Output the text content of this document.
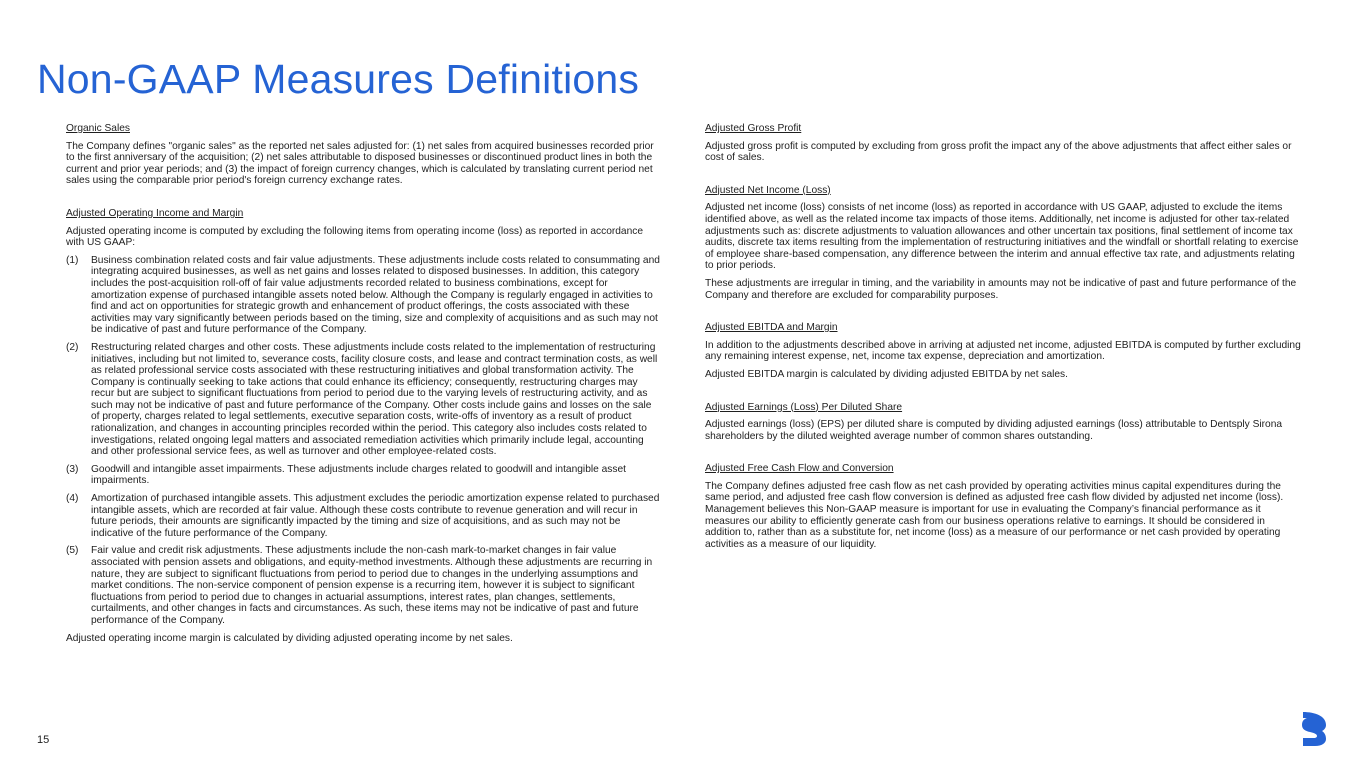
Non-GAAP Measures Definitions
Organic Sales

The Company defines "organic sales" as the reported net sales adjusted for: (1) net sales from acquired businesses recorded prior to the first anniversary of the acquisition; (2) net sales attributable to disposed businesses or discontinued product lines in both the current and prior year periods; and (3) the impact of foreign currency changes, which is calculated by translating current period net sales using the comparable prior period's foreign currency exchange rates.

Adjusted Operating Income and Margin

Adjusted operating income is computed by excluding the following items from operating income (loss) as reported in accordance with US GAAP:

(1)	Business combination related costs and fair value adjustments. These adjustments include costs related to consummating and integrating acquired businesses, as well as net gains and losses related to disposed businesses. In addition, this category includes the post-acquisition roll-off of fair value adjustments recorded related to business combinations, except for amortization expense of purchased intangible assets noted below. Although the Company is regularly engaged in activities to find and act on opportunities for strategic growth and enhancement of product offerings, the costs associated with these activities may vary significantly between periods based on the timing, size and complexity of acquisitions and as such may not be indicative of past and future performance of the Company.
(2)	Restructuring related charges and other costs. These adjustments include costs related to the implementation of restructuring initiatives, including but not limited to, severance costs, facility closure costs, and lease and contract termination costs, as well as related professional service costs associated with these restructuring initiatives and global transformation activity. The Company is continually seeking to take actions that could enhance its efficiency; consequently, restructuring charges may recur but are subject to significant fluctuations from period to period due to the varying levels of restructuring activity, and as such may not be indicative of past and future performance of the Company. Other costs include gains and losses on the sale of property, charges related to legal settlements, executive separation costs, write-offs of inventory as a result of product rationalization, and changes in accounting principles recorded within the period. This category also includes costs related to investigations, related ongoing legal matters and associated remediation activities which primarily include legal, accounting and other professional service fees, as well as turnover and other employee-related costs.
(3)	Goodwill and intangible asset impairments. These adjustments include charges related to goodwill and intangible asset impairments.
(4)	Amortization of purchased intangible assets. This adjustment excludes the periodic amortization expense related to purchased intangible assets, which are recorded at fair value. Although these costs contribute to revenue generation and will recur in future periods, their amounts are significantly impacted by the timing and size of acquisitions, and as such may not be indicative of the future performance of the Company.
(5)	Fair value and credit risk adjustments. These adjustments include the non-cash mark-to-market changes in fair value associated with pension assets and obligations, and equity-method investments. Although these adjustments are recurring in nature, they are subject to significant fluctuations from period to period due to changes in the underlying assumptions and market conditions. The non-service component of pension expense is a recurring item, however it is subject to significant fluctuations from period to period due to changes in actuarial assumptions, interest rates, plan changes, settlements, curtailments, and other changes in facts and circumstances. As such, these items may not be indicative of past and future performance of the Company.

Adjusted operating income margin is calculated by dividing adjusted operating income by net sales.

Adjusted Gross Profit

Adjusted gross profit is computed by excluding from gross profit the impact any of the above adjustments that affect either sales or cost of sales.

Adjusted Net Income (Loss)

Adjusted net income (loss) consists of net income (loss) as reported in accordance with US GAAP, adjusted to exclude the items identified above, as well as the related income tax impacts of those items. Additionally, net income is adjusted for other tax-related adjustments such as: discrete adjustments to valuation allowances and other uncertain tax positions, final settlement of income tax audits, discrete tax items resulting from the implementation of restructuring initiatives and the windfall or shortfall relating to exercise of employee share-based compensation, any difference between the interim and annual effective tax rate, and adjustments relating to prior periods.

These adjustments are irregular in timing, and the variability in amounts may not be indicative of past and future performance of the Company and therefore are excluded for comparability purposes.

Adjusted EBITDA and Margin

In addition to the adjustments described above in arriving at adjusted net income, adjusted EBITDA is computed by further excluding any remaining interest expense, net, income tax expense, depreciation and amortization.

Adjusted EBITDA margin is calculated by dividing adjusted EBITDA by net sales.

Adjusted Earnings (Loss) Per Diluted Share

Adjusted earnings (loss) (EPS) per diluted share is computed by dividing adjusted earnings (loss) attributable to Dentsply Sirona shareholders by the diluted weighted average number of common shares outstanding.

Adjusted Free Cash Flow and Conversion

The Company defines adjusted free cash flow as net cash provided by operating activities minus capital expenditures during the same period, and adjusted free cash flow conversion is defined as adjusted free cash flow divided by adjusted net income (loss). Management believes this Non-GAAP measure is important for use in evaluating the Company’s financial performance as it measures our ability to efficiently generate cash from our business operations relative to earnings. It should be considered in addition to, rather than as a substitute for, net income (loss) as a measure of our performance or net cash provided by operating activities as a measure of our liquidity.

15
